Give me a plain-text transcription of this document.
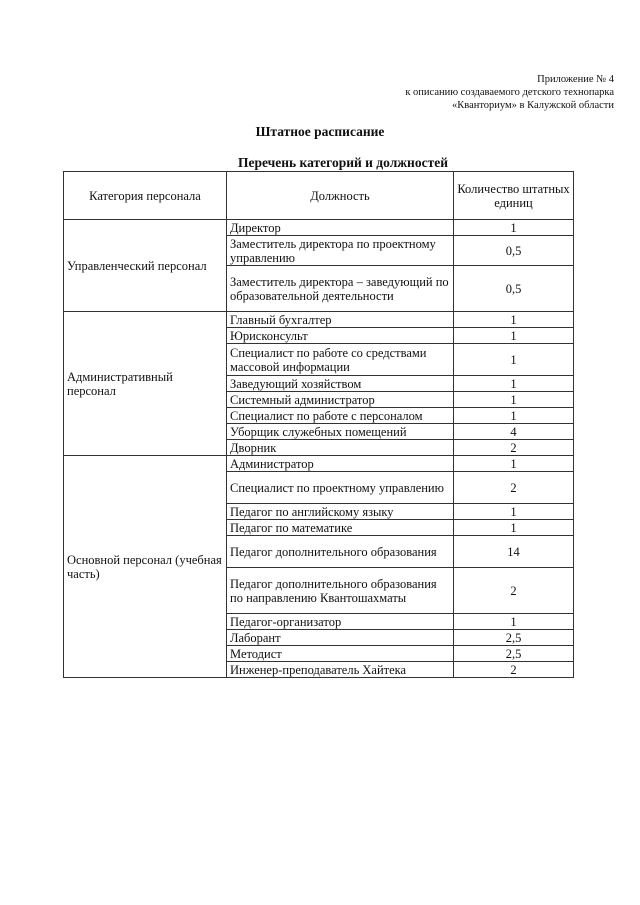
Приложение № 4
к описанию создаваемого детского технопарка
«Кванториум» в Калужской области
Штатное расписание
Перечень категорий и должностей
Категория персонала	Должность	Количество штатных единиц
Управленческий персонал	Директор	1
	Заместитель директора по проектному управлению	0,5
	Заместитель директора – заведующий по образовательной деятельности	0,5
Административный персонал	Главный бухгалтер	1
	Юрисконсульт	1
	Специалист по работе со средствами массовой информации	1
	Заведующий хозяйством	1
	Системный администратор	1
	Специалист по работе с персоналом	1
	Уборщик служебных помещений	4
	Дворник	2
Основной персонал (учебная часть)	Администратор	1
	Специалист по проектному управлению	2
	Педагог по английскому языку	1
	Педагог по математике	1
	Педагог дополнительного образования	14
	Педагог дополнительного образования по направлению Квантошахматы	2
	Педагог-организатор	1
	Лаборант	2,5
	Методист	2,5
	Инженер-преподаватель Хайтека	2
